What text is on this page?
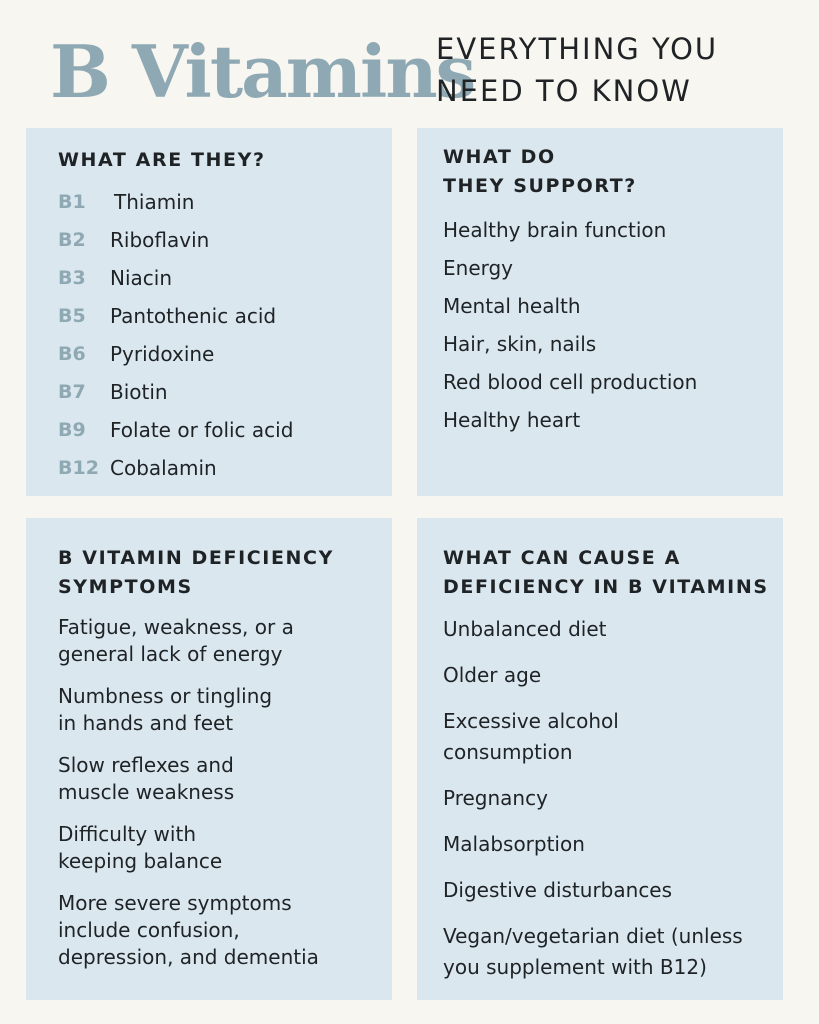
B Vitamins
EVERYTHING YOU
NEED TO KNOW
WHAT ARE THEY?
B1	Thiamin
B2	Riboflavin
B3	Niacin
B5	Pantothenic acid
B6	Pyridoxine
B7	Biotin
B9	Folate or folic acid
B12 Cobalamin
WHAT DO
THEY SUPPORT?
Healthy brain function
Energy
Mental health
Hair, skin, nails
Red blood cell production
Healthy heart
B VITAMIN DEFICIENCY
SYMPTOMS
Fatigue, weakness, or a
general lack of energy
Numbness or tingling
in hands and feet
Slow reflexes and
muscle weakness
Difficulty with
keeping balance
More severe symptoms
include confusion,
depression, and dementia
WHAT CAN CAUSE A
DEFICIENCY IN B VITAMINS
Unbalanced diet
Older age
Excessive alcohol
consumption
Pregnancy
Malabsorption
Digestive disturbances
Vegan/vegetarian diet (unless
you supplement with B12)
